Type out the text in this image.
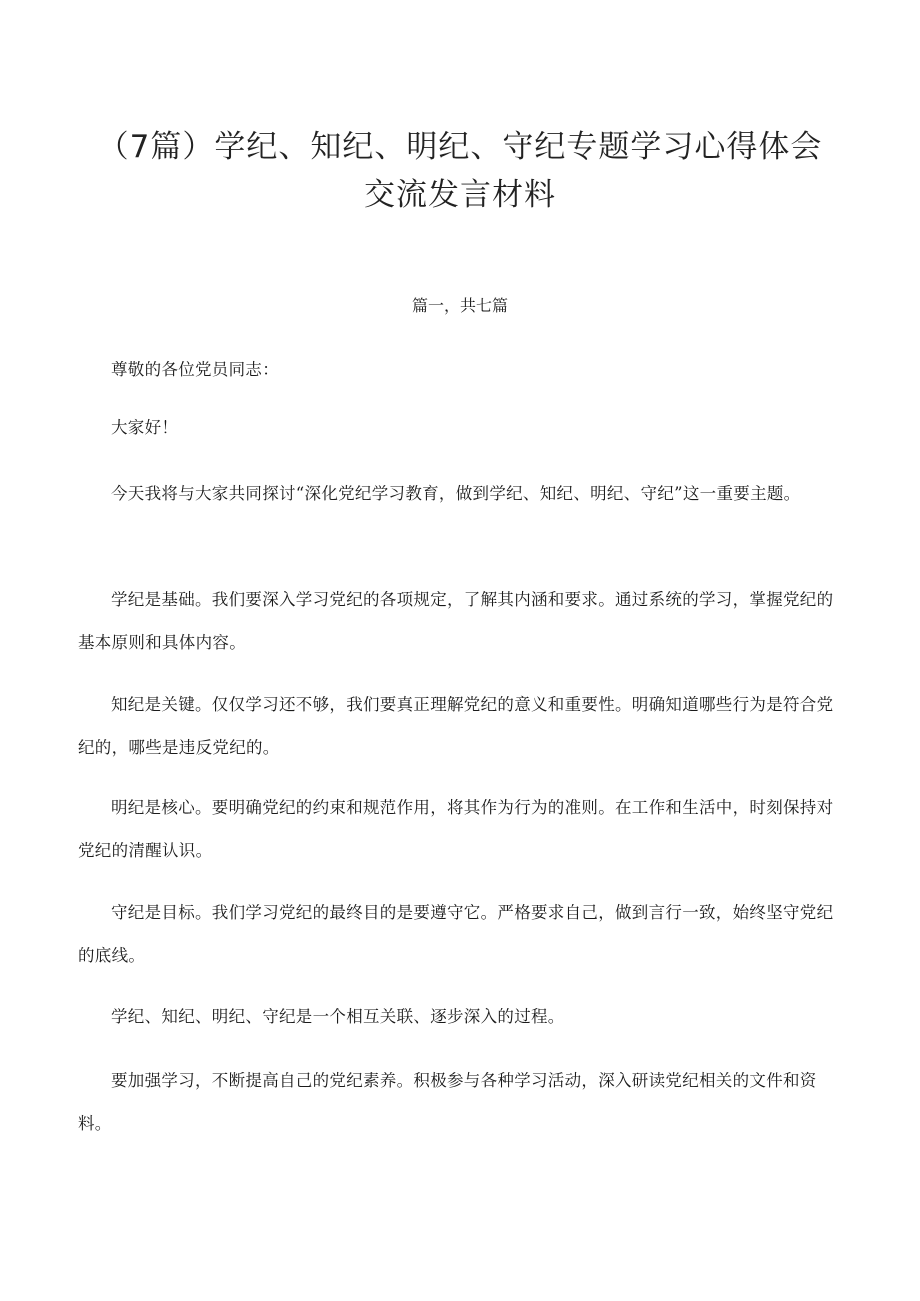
（7篇）学纪、知纪、明纪、守纪专题学习心得体会
交流发言材料
篇一，共七篇
尊敬的各位党员同志：
大家好！
今天我将与大家共同探讨“深化党纪学习教育，做到学纪、知纪、明纪、守纪”这一重要主题。
学纪是基础。我们要深入学习党纪的各项规定，了解其内涵和要求。通过系统的学习，掌握党纪的基本原则和具体内容。
知纪是关键。仅仅学习还不够，我们要真正理解党纪的意义和重要性。明确知道哪些行为是符合党纪的，哪些是违反党纪的。
明纪是核心。要明确党纪的约束和规范作用，将其作为行为的准则。在工作和生活中，时刻保持对党纪的清醒认识。
守纪是目标。我们学习党纪的最终目的是要遵守它。严格要求自己，做到言行一致，始终坚守党纪的底线。
学纪、知纪、明纪、守纪是一个相互关联、逐步深入的过程。
要加强学习，不断提高自己的党纪素养。积极参与各种学习活动，深入研读党纪相关的文件和资料。
